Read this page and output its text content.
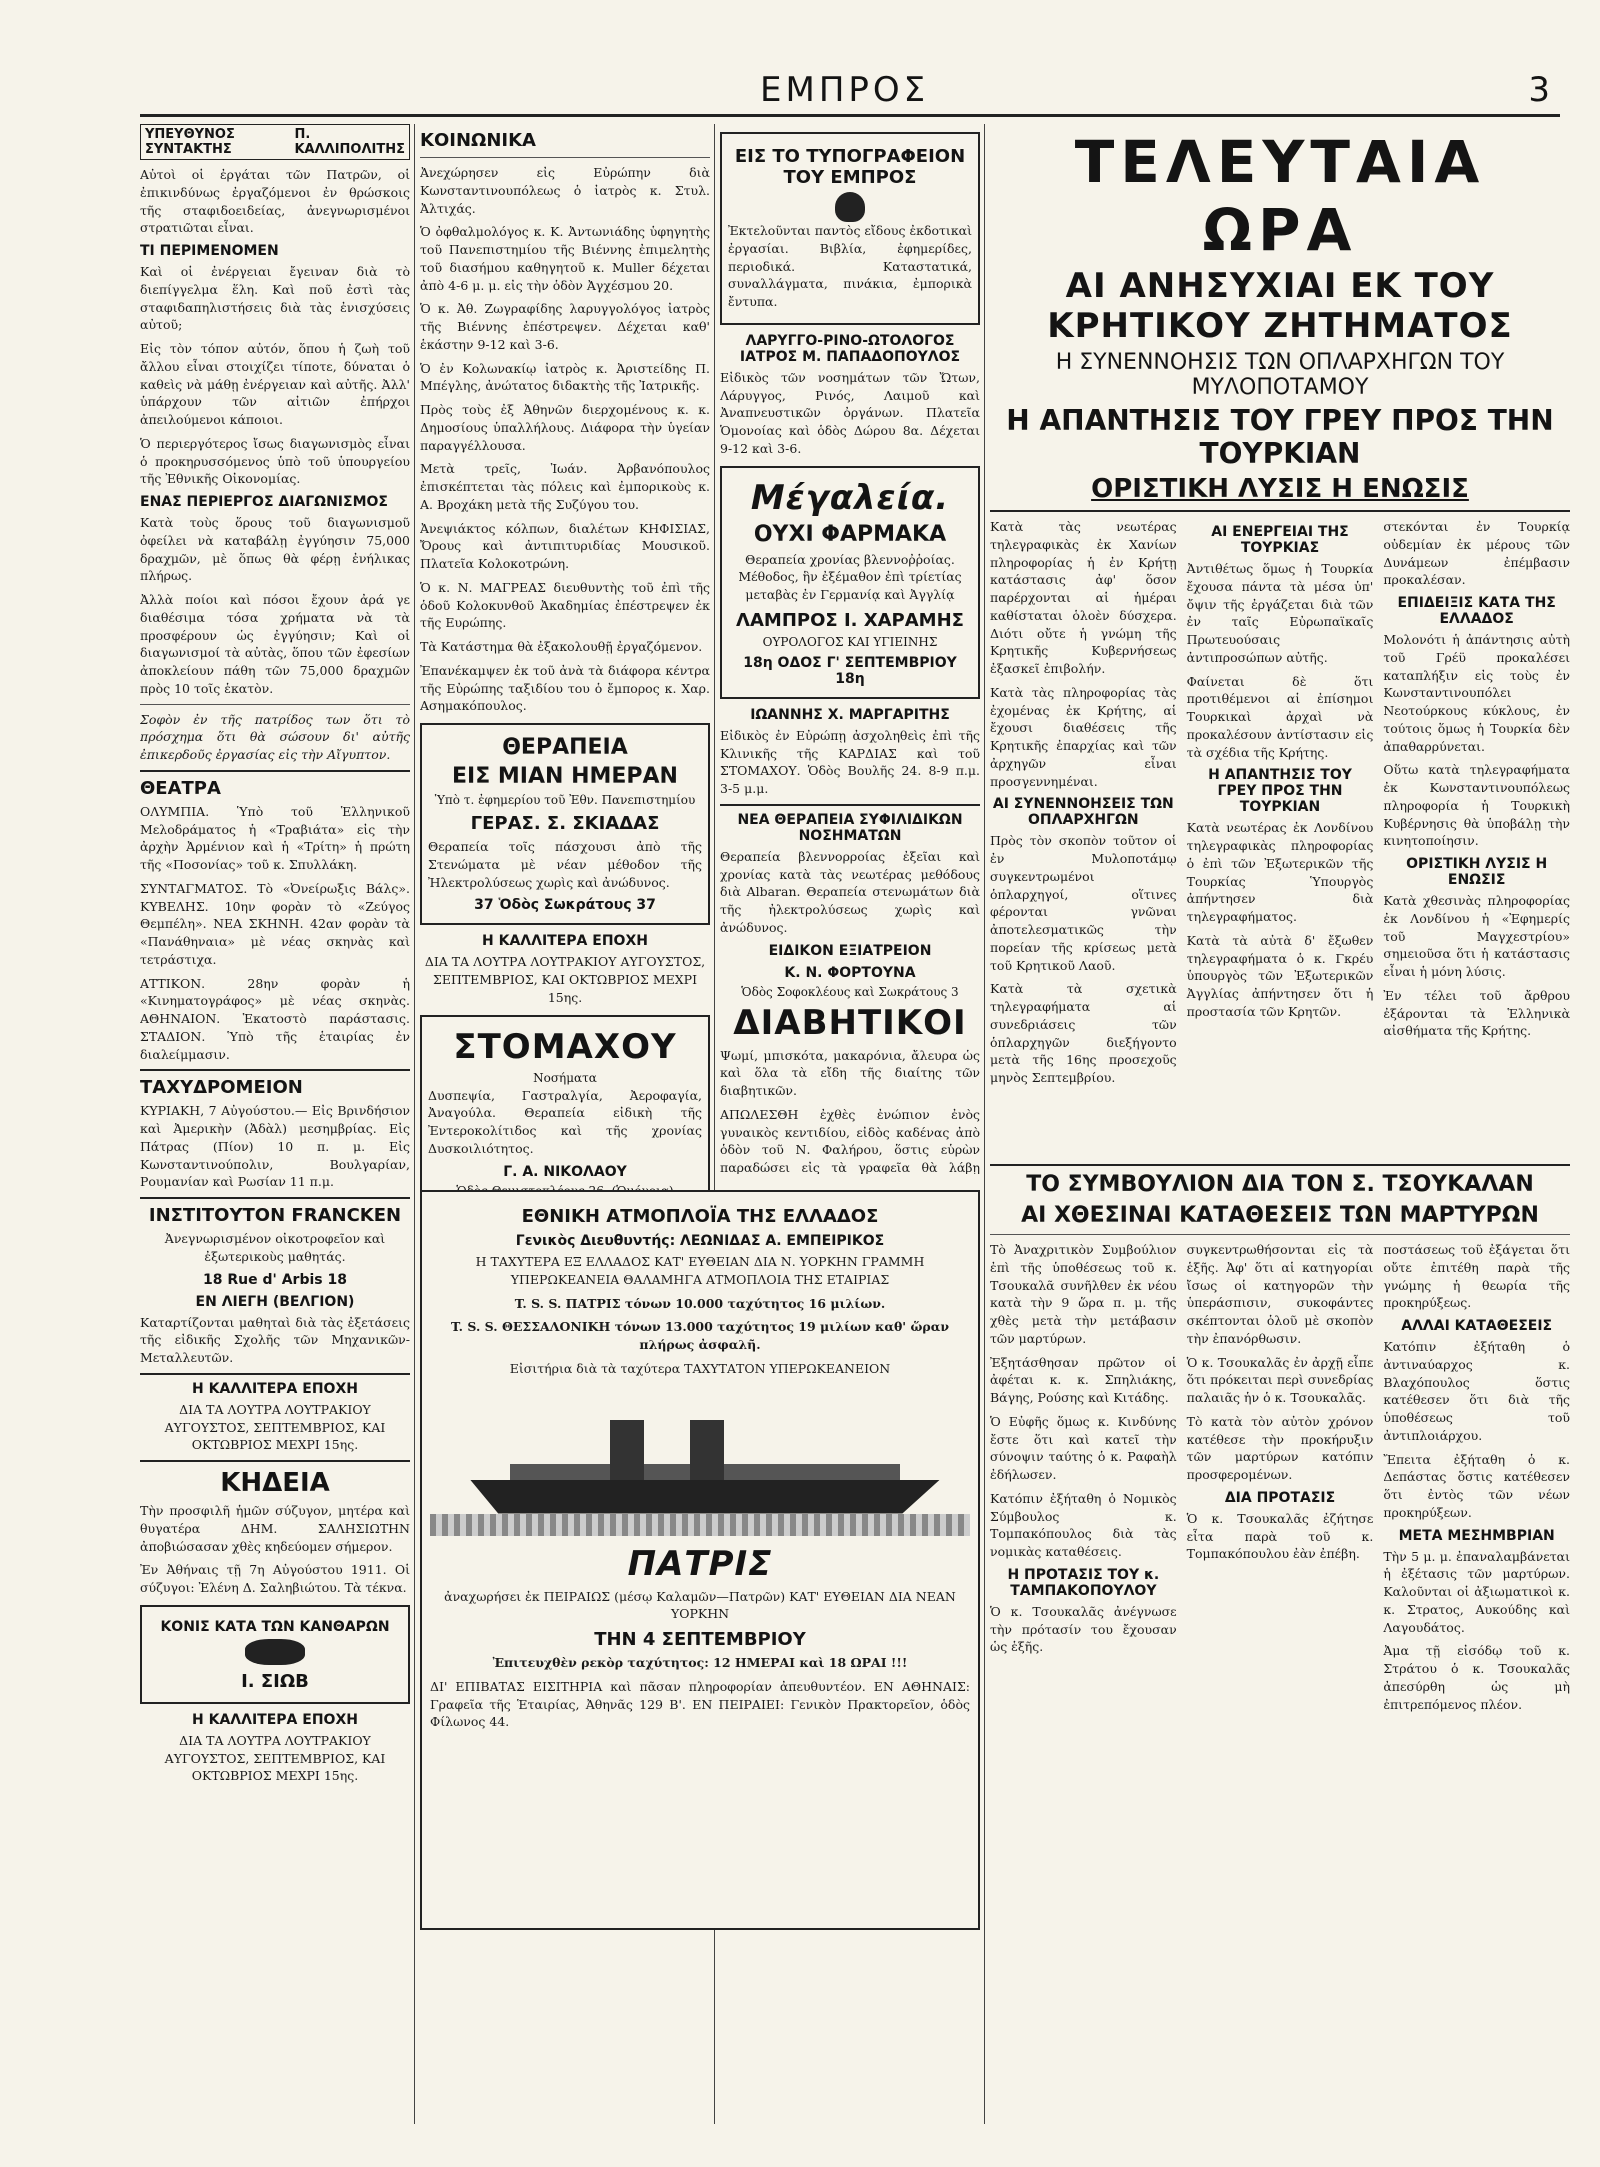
ΕΜΠΡΟΣ	3
ΥΠΕΥΘΥΝΟΣ ΣΥΝΤΑΚΤΗΣ
Π. ΚΑΛΛΙΠΟΛΙΤΗΣ

Αὐτοὶ οἱ ἐργάται τῶν Πατρῶν, οἱ ἐπικινδύνως ἐργαζόμενοι ἐν θρώσκοις τῆς σταφιδοειδείας, ἀνεγνωρισμένοι στρατιῶται εἶναι.

ΤΙ ΠΕΡΙΜΕΝΟΜΕΝ

Καὶ οἱ ἐνέργειαι ἔγειναν διὰ τὸ διεπίγγελμα ἕλη. Καὶ ποῦ ἐστὶ τὰς σταφιδαπηλιστήσεις διὰ τὰς ἐνισχύσεις αὐτοῦ;

Εἰς τὸν τόπον αὐτόν, ὅπου ἡ ζωὴ τοῦ ἄλλου εἶναι στοιχίζει τίποτε, δύναται ὁ καθεὶς νὰ μάθῃ ἐνέργειαν καὶ αὐτῆς. Ἀλλ' ὑπάρχουν τῶν αἰτιῶν ἐπήρχοι ἀπειλούμενοι κάποιοι.

Ὁ περιεργότερος ἴσως διαγωνισμὸς εἶναι ὁ προκηρυσσόμενος ὑπὸ τοῦ ὑπουργείου τῆς Ἐθνικῆς Οἰκονομίας.

ΕΝΑΣ ΠΕΡΙΕΡΓΟΣ ΔΙΑΓΩΝΙΣΜΟΣ

Κατὰ τοὺς ὅρους τοῦ διαγωνισμοῦ ὀφείλει νὰ καταβάλῃ ἐγγύησιν 75,000 δραχμῶν, μὲ ὅπως θὰ φέρῃ ἐνήλικας πλήρως.

Ἀλλὰ ποίοι καὶ πόσοι ἔχουν ἀρά γε διαθέσιμα τόσα χρήματα νὰ τὰ προσφέρουν ὡς ἐγγύησιν; Καὶ οἱ διαγωνισμοί τὰ αὐτὰς, ὅπου τῶν ἐφεσίων ἀποκλείουν πάθη τῶν 75,000 δραχμῶν πρὸς 10 τοῖς ἑκατὸν.

Σοφὸν ἐν τῆς πατρίδος των ὅτι τὸ πρόσχημα ὅτι θὰ σώσουν δι' αὐτῆς ἐπικερδοῦς ἐργασίας εἰς τὴν Αἴγυπτον.

ΘΕΑΤΡΑ

ΟΛΥΜΠΙΑ. Ὑπὸ τοῦ Ἑλληνικοῦ Μελοδράματος ἡ «Τραβιάτα» εἰς τὴν ἀρχὴν Ἀρμένιον καὶ ἡ «Τρίτη» ἡ πρώτη τῆς «Ποσονίας» τοῦ κ. Σπυλλάκη.

ΣΥΝΤΑΓΜΑΤΟΣ. Τὸ «Ὀνείρωξις Βάλς». ΚΥΒΕΛΗΣ. 10ην φορὰν τὸ «Ζεύγος Θεμπέλη». ΝΕΑ ΣΚΗΝΗ. 42αν φορὰν τὰ «Πανάθηναια» μὲ νέας σκηνὰς καὶ τετράστιχα.

ΑΤΤΙΚΟΝ. 28ην φορὰν ἡ «Κινηματογράφος» μὲ νέας σκηνὰς. ΑΘΗΝΑΙΟΝ. Ἑκατοστὸ παράστασις. ΣΤΑΔΙΟΝ. Ὑπὸ τῆς ἑταιρίας ἐν διαλείμμασιν.

ΤΑΧΥΔΡΟΜΕΙΟΝ

ΚΥΡΙΑΚΗ, 7 Αὐγούστου.— Εἰς Βρινδήσιον καὶ Ἀμερικὴν (Ἀδὰλ) μεσημβρίας. Εἰς Πάτρας (Πίον) 10 π. μ. Εἰς Κωνσταντινούπολιν, Βουλγαρίαν, Ρουμανίαν καὶ Ρωσίαν 11 π.μ.

ΙΝΣΤΙΤΟΥΤΟΝ FRANCKEN

Ἀνεγνωρισμένον οἰκοτροφεῖον καὶ ἐξωτερικοὺς μαθητάς.

18 Rue d' Arbis 18
ΕΝ ΛΙΕΓΗ (ΒΕΛΓΙΟΝ)

Καταρτίζονται μαθηταὶ διὰ τὰς ἐξετάσεις τῆς εἰδικῆς Σχολῆς τῶν Μηχανικῶν-Μεταλλευτῶν.

Η ΚΑΛΛΙΤΕΡΑ ΕΠΟΧΗ

ΔΙΑ ΤΑ ΛΟΥΤΡΑ ΛΟΥΤΡΑΚΙΟΥ ΑΥΓΟΥΣΤΟΣ, ΣΕΠΤΕΜΒΡΙΟΣ, ΚΑΙ ΟΚΤΩΒΡΙΟΣ ΜΕΧΡΙ 15ης.

ΚΗΔΕΙΑ

Τὴν προσφιλῆ ἡμῶν σύζυγον, μητέρα καὶ θυγατέρα ΔΗΜ. ΣΑΛΗΣΙΩΤΗΝ ἀποβιώσασαν χθὲς κηδεύομεν σήμερον.

Ἐν Ἀθήναις τῇ 7η Αὐγούστου 1911. Οἱ σύζυγοι: Ἐλένη Δ. Σαληβιώτου. Τὰ τέκνα.

ΚΟΝΙΣ ΚΑΤΑ ΤΩΝ ΚΑΝΘΑΡΩΝ
Ι. ΣΙΩΒ
Η ΚΑΛΛΙΤΕΡΑ ΕΠΟΧΗ

ΔΙΑ ΤΑ ΛΟΥΤΡΑ ΛΟΥΤΡΑΚΙΟΥ ΑΥΓΟΥΣΤΟΣ, ΣΕΠΤΕΜΒΡΙΟΣ, ΚΑΙ ΟΚΤΩΒΡΙΟΣ ΜΕΧΡΙ 15ης.

ΚΟΙΝΩΝΙΚΑ

Ἀνεχώρησεν εἰς Εὐρώπην διὰ Κωνσταντινουπόλεως ὁ ἰατρὸς κ. Στυλ. Ἀλτιχάς.

Ὁ ὀφθαλμολόγος κ. Κ. Ἀντωνιάδης ὑφηγητὴς τοῦ Πανεπιστημίου τῆς Βιέννης ἐπιμελητὴς τοῦ διασήμου καθηγητοῦ κ. Muller δέχεται ἀπὸ 4-6 μ. μ. εἰς τὴν ὁδὸν Ἀγχέσμου 20.

Ὁ κ. Ἀθ. Ζωγραφίδης λαρυγγολόγος ἰατρὸς τῆς Βιέννης ἐπέστρεψεν. Δέχεται καθ' ἑκάστην 9-12 καὶ 3-6.

Ὁ ἐν Κολωνακίῳ ἰατρὸς κ. Ἀριστείδης Π. Μπέγλης, ἀνώτατος διδακτὴς τῆς Ἰατρικῆς.

Πρὸς τοὺς ἐξ Ἀθηνῶν διερχομένους κ. κ. Δημοσίους ὑπαλλήλους. Διάφορα τὴν ὑγείαν παραγγέλλουσα.

Μετὰ τρεῖς, Ἰωάν. Ἀρβανόπουλος ἐπισκέπτεται τὰς πόλεις καὶ ἐμπορικοὺς κ. Α. Βροχάκη μετὰ τῆς Συζύγου του.

Ἀνεψιάκτος κόλπων, διαλέτων ΚΗΦΙΣΙΑΣ, Ὄρους καὶ ἀντιπιτυριδίας Μουσικοῦ. Πλατεῖα Κολοκοτρώνη.

Ὁ κ. Ν. ΜΑΓΡΕΑΣ διευθυντὴς τοῦ ἐπὶ τῆς ὁδοῦ Κολοκυνθοῦ Ἀκαδημίας ἐπέστρεψεν ἐκ τῆς Ευρώπης.

Τὰ Κατάστημα θὰ ἐξακολουθῇ ἐργαζόμενον.

Ἐπανέκαμψεν ἐκ τοῦ ἀνὰ τὰ διάφορα κέντρα τῆς Εὐρώπης ταξιδίου του ὁ ἔμπορος κ. Χαρ. Ασημακόπουλος.

ΘΕΡΑΠΕΙΑ
ΕΙΣ ΜΙΑΝ ΗΜΕΡΑΝ
Ὑπὸ τ. ἐφημερίου τοῦ Ἐθν. Πανεπιστημίου
ΓΕΡΑΣ. Σ. ΣΚΙΑΔΑΣ

Θεραπεία τοῖς πάσχουσι ἀπὸ τῆς Στενώματα μὲ νέαν μέθοδον τῆς Ἠλεκτρολύσεως χωρὶς καὶ ἀνώδυνος.

37 Ὁδὸς Σωκράτους 37
Η ΚΑΛΛΙΤΕΡΑ ΕΠΟΧΗ

ΔΙΑ ΤΑ ΛΟΥΤΡΑ ΛΟΥΤΡΑΚΙΟΥ ΑΥΓΟΥΣΤΟΣ, ΣΕΠΤΕΜΒΡΙΟΣ, ΚΑΙ ΟΚΤΩΒΡΙΟΣ ΜΕΧΡΙ 15ης.

ΣΤΟΜΑΧΟΥ
Νοσήματα

Δυσπεψία, Γαστραλγία, Ἀεροφαγία, Ἀναγούλα. Θεραπεία εἰδικὴ τῆς Ἐντεροκολίτιδος καὶ τῆς χρονίας Δυσκοιλιότητος.

Γ. Α. ΝΙΚΟΛΑΟΥ
ΕΙΣ ΤΟ ΤΥΠΟΓΡΑΦΕΙΟΝ ΤΟΥ ΕΜΠΡΟΣ

Ἐκτελοῦνται παντὸς εἴδους ἐκδοτικαὶ ἐργασίαι. Βιβλία, ἐφημερίδες, περιοδικά. Καταστατικά, συναλλάγματα, πινάκια, ἐμπορικὰ ἔντυπα.

ΛΑΡΥΓΓΟ-ΡΙΝΟ-ΩΤΟΛΟΓΟΣ ΙΑΤΡΟΣ Μ. ΠΑΠΑΔΟΠΟΥΛΟΣ

Εἰδικὸς τῶν νοσημάτων τῶν Ὤτων, Λάρυγγος, Ρινός, Λαιμοῦ καὶ Ἀναπνευστικῶν ὀργάνων. Πλατεῖα Ὁμονοίας καὶ ὁδὸς Δώρου 8α. Δέχεται 9-12 καὶ 3-6.

Μέγαλεία.
ΟΥΧΙ ΦΑΡΜΑΚΑ

Θεραπεία χρονίας βλεννοῤῥοίας. Μέθοδος, ἣν ἐξέμαθον ἐπὶ τρίετίας μεταβὰς ἐν Γερμανίᾳ καὶ Ἀγγλίᾳ

ΛΑΜΠΡΟΣ Ι. ΧΑΡΑΜΗΣ
ΟΥΡΟΛΟΓΟΣ ΚΑΙ ΥΓΙΕΙΝΗΣ
18η ΟΔΟΣ Γ' ΣΕΠΤΕΜΒΡΙΟΥ 18η
ΙΩΑΝΝΗΣ Χ. ΜΑΡΓΑΡΙΤΗΣ

Εἰδικὸς ἐν Εὐρώπῃ ἀσχοληθεὶς ἐπὶ τῆς Κλινικῆς τῆς ΚΑΡΔΙΑΣ καὶ τοῦ ΣΤΟΜΑΧΟΥ. Ὁδὸς Βουλῆς 24. 8-9 π.μ. 3-5 μ.μ.

ΝΕΑ ΘΕΡΑΠΕΙΑ ΣΥΦΙΛΙΔΙΚΩΝ ΝΟΣΗΜΑΤΩΝ

Θεραπεία βλεννορροίας ἐξεῖαι καὶ χρονίας κατὰ τὰς νεωτέρας μεθόδους διὰ Albaran. Θεραπεία στενωμάτων διὰ τῆς ἠλεκτρολύσεως χωρὶς καὶ ἀνώδυνος.

ΕΙΔΙΚΟΝ ΕΞΙΑΤΡΕΙΟΝ
Κ. Ν. ΦΟΡΤΟΥΝΑ
Ὁδὸς Σοφοκλέους καὶ Σωκράτους 3
ΔΙΑΒΗΤΙΚΟΙ

Ψωμί, μπισκότα, μακαρόνια, ἄλευρα ὡς καὶ ὅλα τὰ εἴδη τῆς διαίτης τῶν διαβητικῶν.

ΑΠΩΛΕΣΘΗ ἐχθὲς ἐνώπιον ἐνὸς γυναικὸς κεντιδίου, εἰδὸς καδένας ἀπὸ ὁδὸν τοῦ Ν. Φαλήρου, ὅστις εὑρὼν παραδώσει εἰς τὰ γραφεῖα θὰ λάβῃ

ΕΘΝΙΚΗ ΑΤΜΟΠΛΟΪΑ ΤΗΣ ΕΛΛΑΔΟΣ
Γενικὸς Διευθυντής: ΛΕΩΝΙΔΑΣ Α. ΕΜΠΕΙΡΙΚΟΣ

Η ΤΑΧΥΤΕΡΑ ΕΞ ΕΛΛΑΔΟΣ ΚΑΤ' ΕΥΘΕΙΑΝ ΔΙΑ Ν. ΥΟΡΚΗΝ ΓΡΑΜΜΗ ΥΠΕΡΩΚΕΑΝΕΙΑ ΘΑΛΑΜΗΓΑ ΑΤΜΟΠΛΟΙΑ ΤΗΣ ΕΤΑΙΡΙΑΣ

T. S. S. ΠΑΤΡΙΣ τόνων 10.000 ταχύτητος 16 μιλίων.

T. S. S. ΘΕΣΣΑΛΟΝΙΚΗ τόνων 13.000 ταχύτητος 19 μιλίων καθ' ὥραν πλήρως ἀσφαλῆ.

Εἰσιτήρια διὰ τὰ ταχύτερα ΤΑΧΥΤΑΤΟΝ ΥΠΕΡΩΚΕΑΝΕΙΟΝ

ΠΑΤΡΙΣ

ἀναχωρήσει ἐκ ΠΕΙΡΑΙΩΣ (μέσῳ Καλαμῶν—Πατρῶν) ΚΑΤ' ΕΥΘΕΙΑΝ ΔΙΑ ΝΕΑΝ ΥΟΡΚΗΝ

ΤΗΝ 4 ΣΕΠΤΕΜΒΡΙΟΥ

Ἐπιτευχθὲν ρεκὸρ ταχύτητος: 12 ΗΜΕΡΑΙ καὶ 18 ΩΡΑΙ !!!

ΔΙ' ΕΠΙΒΑΤΑΣ ΕΙΣΙΤΗΡΙΑ καὶ πᾶσαν πληροφορίαν ἀπευθυντέον. ΕΝ ΑΘΗΝΑΙΣ: Γραφεῖα τῆς Ἑταιρίας, Ἀθηνᾶς 129 Β'. ΕΝ ΠΕΙΡΑΙΕΙ: Γενικὸν Πρακτορεῖον, ὁδὸς Φίλωνος 44.

ΤΕΛΕΥΤΑΙΑ ΩΡΑ
ΑΙ ΑΝΗΣΥΧΙΑΙ ΕΚ ΤΟΥ ΚΡΗΤΙΚΟΥ ΖΗΤΗΜΑΤΟΣ
Η ΣΥΝΕΝΝΟΗΣΙΣ ΤΩΝ ΟΠΛΑΡΧΗΓΩΝ ΤΟΥ ΜΥΛΟΠΟΤΑΜΟΥ
Η ΑΠΑΝΤΗΣΙΣ ΤΟΥ ΓΡΕΥ ΠΡΟΣ ΤΗΝ ΤΟΥΡΚΙΑΝ
ΟΡΙΣΤΙΚΗ ΛΥΣΙΣ Η ΕΝΩΣΙΣ

Κατὰ τὰς νεωτέρας τηλεγραφικὰς ἐκ Χανίων πληροφορίας ἡ ἐν Κρήτῃ κατάστασις ἀφ' ὅσον παρέρχονται αἱ ἡμέραι καθίσταται ὁλοὲν δύσχερα. Διότι οὔτε ἡ γνώμη τῆς Κρητικῆς Κυβερνήσεως ἐξασκεῖ ἐπιβολήν.

Κατὰ τὰς πληροφορίας τὰς ἐχομένας ἐκ Κρήτης, αἱ ἔχουσι διαθέσεις τῆς Κρητικῆς ἐπαρχίας καὶ τῶν ἀρχηγῶν εἶναι προσγεννημέναι.

ΑΙ ΣΥΝΕΝΝΟΗΣΕΙΣ ΤΩΝ ΟΠΛΑΡΧΗΓΩΝ

Πρὸς τὸν σκοπὸν τοῦτον οἱ ἐν Μυλοποτάμῳ συγκεντρωμένοι ὁπλαρχηγοί, οἵτινες φέρονται γνῶναι ἀποτελεσματικῶς τὴν πορείαν τῆς κρίσεως μετὰ τοῦ Κρητικοῦ Λαοῦ.

Κατὰ τὰ σχετικὰ τηλεγραφήματα αἱ συνεδριάσεις τῶν ὁπλαρχηγῶν διεξήγοντο μετὰ τῆς 16ης προσεχοῦς μηνὸς Σεπτεμβρίου.

ΑΙ ΕΝΕΡΓΕΙΑΙ ΤΗΣ ΤΟΥΡΚΙΑΣ

Ἀντιθέτως ὅμως ἡ Τουρκία ἔχουσα πάντα τὰ μέσα ὑπ' ὄψιν τῆς ἐργάζεται διὰ τῶν ἐν ταῖς Εὐρωπαϊκαῖς Πρωτευούσαις ἀντιπροσώπων αὐτῆς.

Φαίνεται δὲ ὅτι προτιθέμενοι αἱ ἐπίσημοι Τουρκικαὶ ἀρχαὶ νὰ προκαλέσουν ἀντίστασιν εἰς τὰ σχέδια τῆς Κρήτης.

Η ΑΠΑΝΤΗΣΙΣ ΤΟΥ ΓΡΕΥ ΠΡΟΣ ΤΗΝ ΤΟΥΡΚΙΑΝ

Κατὰ νεωτέρας ἐκ Λονδίνου τηλεγραφικὰς πληροφορίας ὁ ἐπὶ τῶν Ἐξωτερικῶν τῆς Τουρκίας Ὑπουργὸς ἀπήντησεν διὰ τηλεγραφήματος.

Κατὰ τὰ αὐτὰ δ' ἔξωθεν τηλεγραφήματα ὁ κ. Γκρέυ ὑπουργὸς τῶν Ἐξωτερικῶν Ἀγγλίας ἀπήντησεν ὅτι ἡ προστασία τῶν Κρητῶν.

στεκόνται ἐν Τουρκίᾳ οὐδεμίαν ἐκ μέρους τῶν Δυνάμεων ἐπέμβασιν προκαλέσαν.

ΕΠΙΔΕΙΞΙΣ ΚΑΤΑ ΤΗΣ ΕΛΛΑΔΟΣ

Μολονότι ἡ ἀπάντησις αὐτὴ τοῦ Γρέϋ προκαλέσει καταπλήξιν εἰς τοὺς ἐν Κωνσταντινουπόλει Νεοτούρκους κύκλους, ἐν τούτοις ὅμως ἡ Τουρκία δὲν ἀπαθαρρύνεται.

Οὕτω κατὰ τηλεγραφήματα ἐκ Κωνσταντινουπόλεως πληροφορία ἡ Τουρκικὴ Κυβέρνησις θὰ ὑποβάλῃ τὴν κινητοποίησιν.

ΟΡΙΣΤΙΚΗ ΛΥΣΙΣ Η ΕΝΩΣΙΣ

Κατὰ χθεσινὰς πληροφορίας ἐκ Λονδίνου ἡ «Ἐφημερίς τοῦ Μαγχεστρίου» σημειοῦσα ὅτι ἡ κατάστασις εἶναι ἡ μόνη λύσις.

Ἐν τέλει τοῦ ἄρθρου ἐξάρονται τὰ Ἑλληνικὰ αἰσθήματα τῆς Κρήτης.

ΤΟ ΣΥΜΒΟΥΛΙΟΝ ΔΙΑ ΤΟΝ Σ. ΤΣΟΥΚΑΛΑΝ
ΑΙ ΧΘΕΣΙΝΑΙ ΚΑΤΑΘΕΣΕΙΣ ΤΩΝ ΜΑΡΤΥΡΩΝ

Τὸ Ἀναχριτικὸν Συμβούλιον ἐπὶ τῆς ὑποθέσεως τοῦ κ. Τσουκαλᾶ συνῆλθεν ἐκ νέου κατὰ τὴν 9 ὥρα π. μ. τῆς χθὲς μετὰ τὴν μετάβασιν τῶν μαρτύρων.

Ἐξητάσθησαν πρῶτον οἱ ἀφέται κ. κ. Σπηλιάκης, Βάγης, Ρούσης καὶ Κιτάδης.

Ὁ Εὐφῆς ὅμως κ. Κινδύνης ἔστε ὅτι καὶ κατεῖ τὴν σύνοψιν ταύτης ὁ κ. Ραφαὴλ ἐδήλωσεν.

Κατόπιν ἐξήταθη ὁ Νομικὸς Σύμβουλος κ. Τομπακόπουλος διὰ τὰς νομικὰς καταθέσεις.

Η ΠΡΟΤΑΣΙΣ ΤΟΥ κ. ΤΑΜΠΑΚΟΠΟΥΛΟΥ

Ὁ κ. Τσουκαλᾶς ἀνέγνωσε τὴν πρότασίν του ἔχουσαν ὡς ἑξῆς.

συγκεντρωθήσονται εἰς τὰ ἑξῆς. Ἀφ' ὅτι αἱ κατηγορίαι ἴσως οἱ κατηγορῶν τὴν ὑπεράσπισιν, συκοφάντες σκέπτονται ὁλοῦ μὲ σκοπὸν τὴν ἐπανόρθωσιν.

Ὁ κ. Τσουκαλᾶς ἐν ἀρχῇ εἶπε ὅτι πρόκειται περὶ συνεδρίας παλαιᾶς ἡν ὁ κ. Τσουκαλᾶς.

Τὸ κατὰ τὸν αὐτὸν χρόνον κατέθεσε τὴν προκήρυξιν τῶν μαρτύρων κατόπιν προσφερομένων.

ΔΙΑ ΠΡΟΤΑΣΙΣ

Ὁ κ. Τσουκαλᾶς ἐζήτησε εἶτα παρὰ τοῦ κ. Τομπακόπουλου ἐὰν ἐπέβη.

ποστάσεως τοῦ ἐξάγεται ὅτι οὔτε ἐπιτέθη παρὰ τῆς γνώμης ἡ θεωρία τῆς προκηρύξεως.

ΑΛΛΑΙ ΚΑΤΑΘΕΣΕΙΣ

Κατόπιν ἐξήταθη ὁ ἀντιναύαρχος κ. Βλαχόπουλος ὅστις κατέθεσεν ὅτι διὰ τῆς ὑποθέσεως τοῦ ἀντιπλοιάρχου.

Ἔπειτα ἐξήταθη ὁ κ. Δεπάστας ὅστις κατέθεσεν ὅτι ἐντὸς τῶν νέων προκηρύξεων.

ΜΕΤΑ ΜΕΣΗΜΒΡΙΑΝ

Τὴν 5 μ. μ. ἐπαναλαμβάνεται ἡ ἐξέτασις τῶν μαρτύρων. Καλοῦνται οἱ ἀξιωματικοὶ κ. κ. Στρατος, Αυκούδης καὶ Λαγουδάτος.

Ἀμα τῇ εἰσόδῳ τοῦ κ. Στράτου ὁ κ. Τσουκαλᾶς ἀπεσύρθη ὡς μὴ ἐπιτρεπόμενος πλέον.
